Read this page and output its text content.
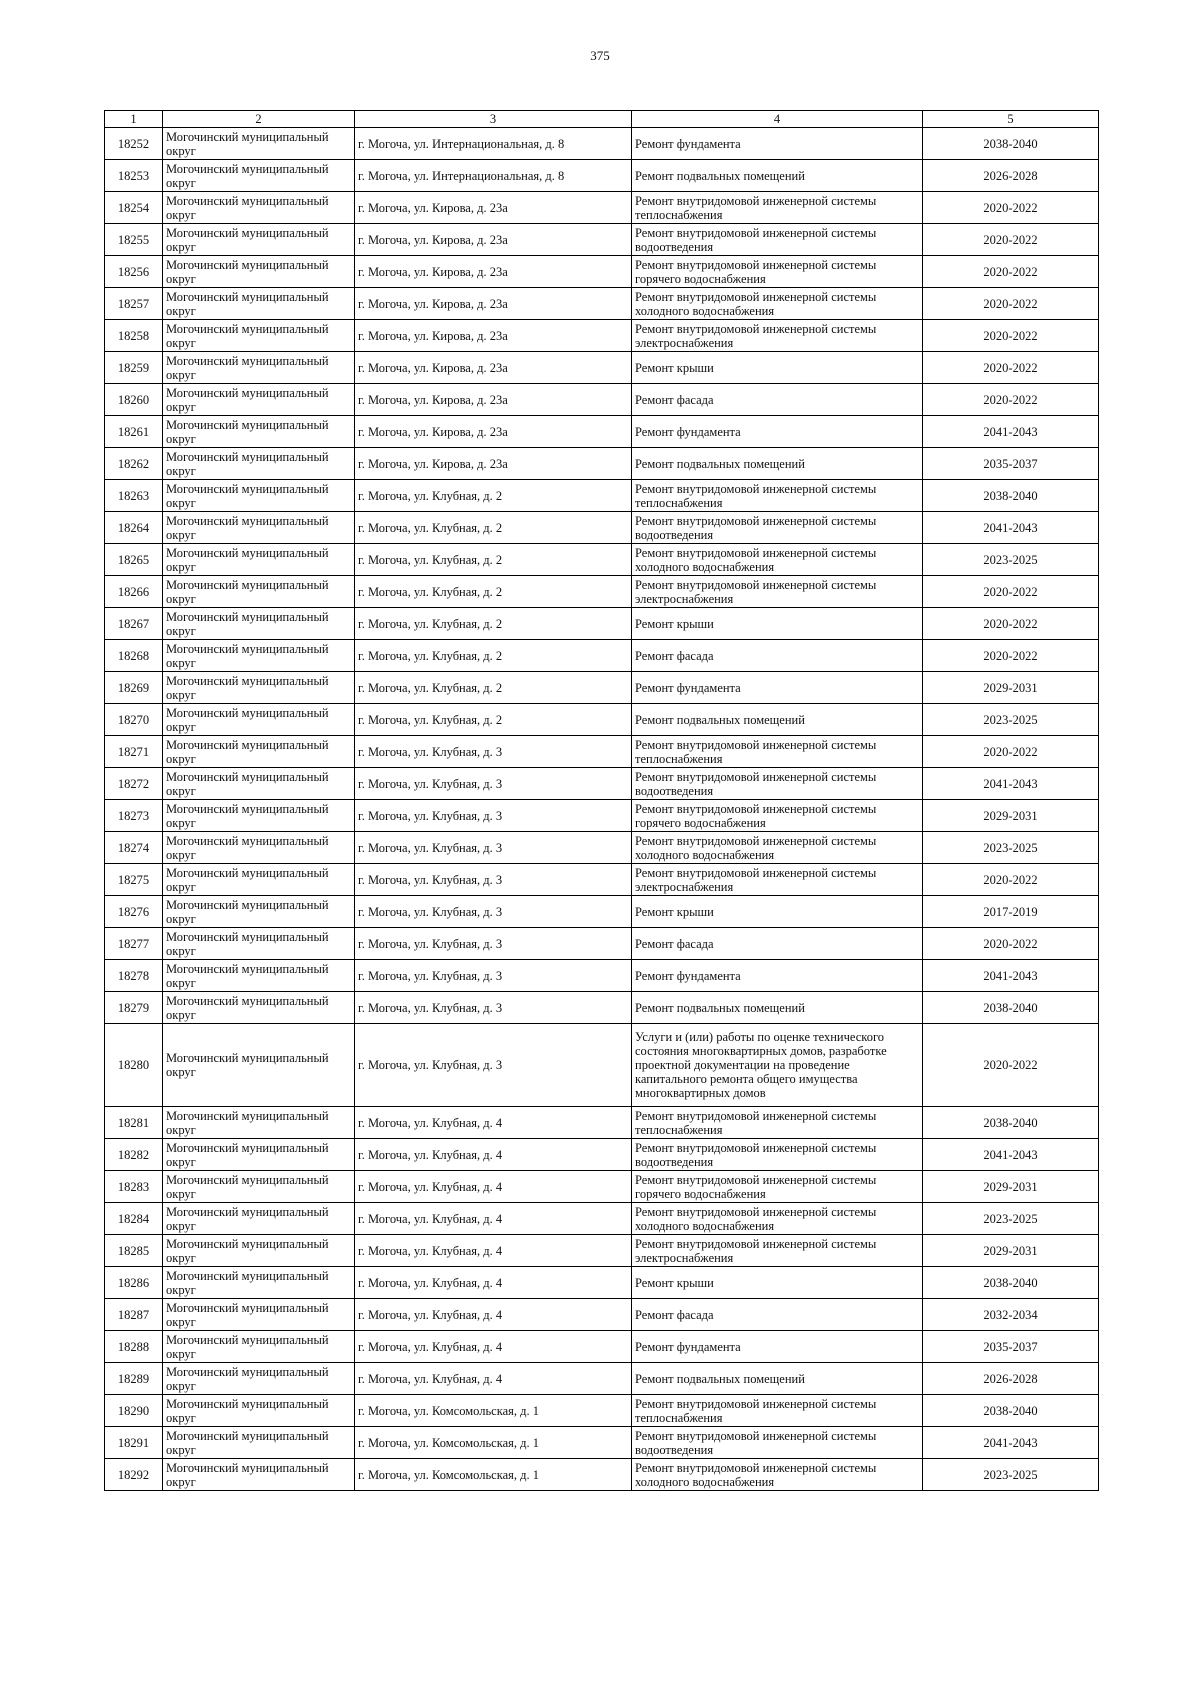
375
1	2	3	4	5
18252	Могочинский муниципальный округ	г. Могоча, ул. Интернациональная, д. 8	Ремонт фундамента	2038-2040
18253	Могочинский муниципальный округ	г. Могоча, ул. Интернациональная, д. 8	Ремонт подвальных помещений	2026-2028
18254	Могочинский муниципальный округ	г. Могоча, ул. Кирова, д. 23а	Ремонт внутридомовой инженерной системы теплоснабжения	2020-2022
18255	Могочинский муниципальный округ	г. Могоча, ул. Кирова, д. 23а	Ремонт внутридомовой инженерной системы водоотведения	2020-2022
18256	Могочинский муниципальный округ	г. Могоча, ул. Кирова, д. 23а	Ремонт внутридомовой инженерной системы горячего водоснабжения	2020-2022
18257	Могочинский муниципальный округ	г. Могоча, ул. Кирова, д. 23а	Ремонт внутридомовой инженерной системы холодного водоснабжения	2020-2022
18258	Могочинский муниципальный округ	г. Могоча, ул. Кирова, д. 23а	Ремонт внутридомовой инженерной системы электроснабжения	2020-2022
18259	Могочинский муниципальный округ	г. Могоча, ул. Кирова, д. 23а	Ремонт крыши	2020-2022
18260	Могочинский муниципальный округ	г. Могоча, ул. Кирова, д. 23а	Ремонт фасада	2020-2022
18261	Могочинский муниципальный округ	г. Могоча, ул. Кирова, д. 23а	Ремонт фундамента	2041-2043
18262	Могочинский муниципальный округ	г. Могоча, ул. Кирова, д. 23а	Ремонт подвальных помещений	2035-2037
18263	Могочинский муниципальный округ	г. Могоча, ул. Клубная, д. 2	Ремонт внутридомовой инженерной системы теплоснабжения	2038-2040
18264	Могочинский муниципальный округ	г. Могоча, ул. Клубная, д. 2	Ремонт внутридомовой инженерной системы водоотведения	2041-2043
18265	Могочинский муниципальный округ	г. Могоча, ул. Клубная, д. 2	Ремонт внутридомовой инженерной системы холодного водоснабжения	2023-2025
18266	Могочинский муниципальный округ	г. Могоча, ул. Клубная, д. 2	Ремонт внутридомовой инженерной системы электроснабжения	2020-2022
18267	Могочинский муниципальный округ	г. Могоча, ул. Клубная, д. 2	Ремонт крыши	2020-2022
18268	Могочинский муниципальный округ	г. Могоча, ул. Клубная, д. 2	Ремонт фасада	2020-2022
18269	Могочинский муниципальный округ	г. Могоча, ул. Клубная, д. 2	Ремонт фундамента	2029-2031
18270	Могочинский муниципальный округ	г. Могоча, ул. Клубная, д. 2	Ремонт подвальных помещений	2023-2025
18271	Могочинский муниципальный округ	г. Могоча, ул. Клубная, д. 3	Ремонт внутридомовой инженерной системы теплоснабжения	2020-2022
18272	Могочинский муниципальный округ	г. Могоча, ул. Клубная, д. 3	Ремонт внутридомовой инженерной системы водоотведения	2041-2043
18273	Могочинский муниципальный округ	г. Могоча, ул. Клубная, д. 3	Ремонт внутридомовой инженерной системы горячего водоснабжения	2029-2031
18274	Могочинский муниципальный округ	г. Могоча, ул. Клубная, д. 3	Ремонт внутридомовой инженерной системы холодного водоснабжения	2023-2025
18275	Могочинский муниципальный округ	г. Могоча, ул. Клубная, д. 3	Ремонт внутридомовой инженерной системы электроснабжения	2020-2022
18276	Могочинский муниципальный округ	г. Могоча, ул. Клубная, д. 3	Ремонт крыши	2017-2019
18277	Могочинский муниципальный округ	г. Могоча, ул. Клубная, д. 3	Ремонт фасада	2020-2022
18278	Могочинский муниципальный округ	г. Могоча, ул. Клубная, д. 3	Ремонт фундамента	2041-2043
18279	Могочинский муниципальный округ	г. Могоча, ул. Клубная, д. 3	Ремонт подвальных помещений	2038-2040
18280	Могочинский муниципальный округ	г. Могоча, ул. Клубная, д. 3	Услуги и (или) работы по оценке технического состояния многоквартирных домов, разработке проектной документации на проведение капитального ремонта общего имущества многоквартирных домов	2020-2022
18281	Могочинский муниципальный округ	г. Могоча, ул. Клубная, д. 4	Ремонт внутридомовой инженерной системы теплоснабжения	2038-2040
18282	Могочинский муниципальный округ	г. Могоча, ул. Клубная, д. 4	Ремонт внутридомовой инженерной системы водоотведения	2041-2043
18283	Могочинский муниципальный округ	г. Могоча, ул. Клубная, д. 4	Ремонт внутридомовой инженерной системы горячего водоснабжения	2029-2031
18284	Могочинский муниципальный округ	г. Могоча, ул. Клубная, д. 4	Ремонт внутридомовой инженерной системы холодного водоснабжения	2023-2025
18285	Могочинский муниципальный округ	г. Могоча, ул. Клубная, д. 4	Ремонт внутридомовой инженерной системы электроснабжения	2029-2031
18286	Могочинский муниципальный округ	г. Могоча, ул. Клубная, д. 4	Ремонт крыши	2038-2040
18287	Могочинский муниципальный округ	г. Могоча, ул. Клубная, д. 4	Ремонт фасада	2032-2034
18288	Могочинский муниципальный округ	г. Могоча, ул. Клубная, д. 4	Ремонт фундамента	2035-2037
18289	Могочинский муниципальный округ	г. Могоча, ул. Клубная, д. 4	Ремонт подвальных помещений	2026-2028
18290	Могочинский муниципальный округ	г. Могоча, ул. Комсомольская, д. 1	Ремонт внутридомовой инженерной системы теплоснабжения	2038-2040
18291	Могочинский муниципальный округ	г. Могоча, ул. Комсомольская, д. 1	Ремонт внутридомовой инженерной системы водоотведения	2041-2043
18292	Могочинский муниципальный округ	г. Могоча, ул. Комсомольская, д. 1	Ремонт внутридомовой инженерной системы холодного водоснабжения	2023-2025
